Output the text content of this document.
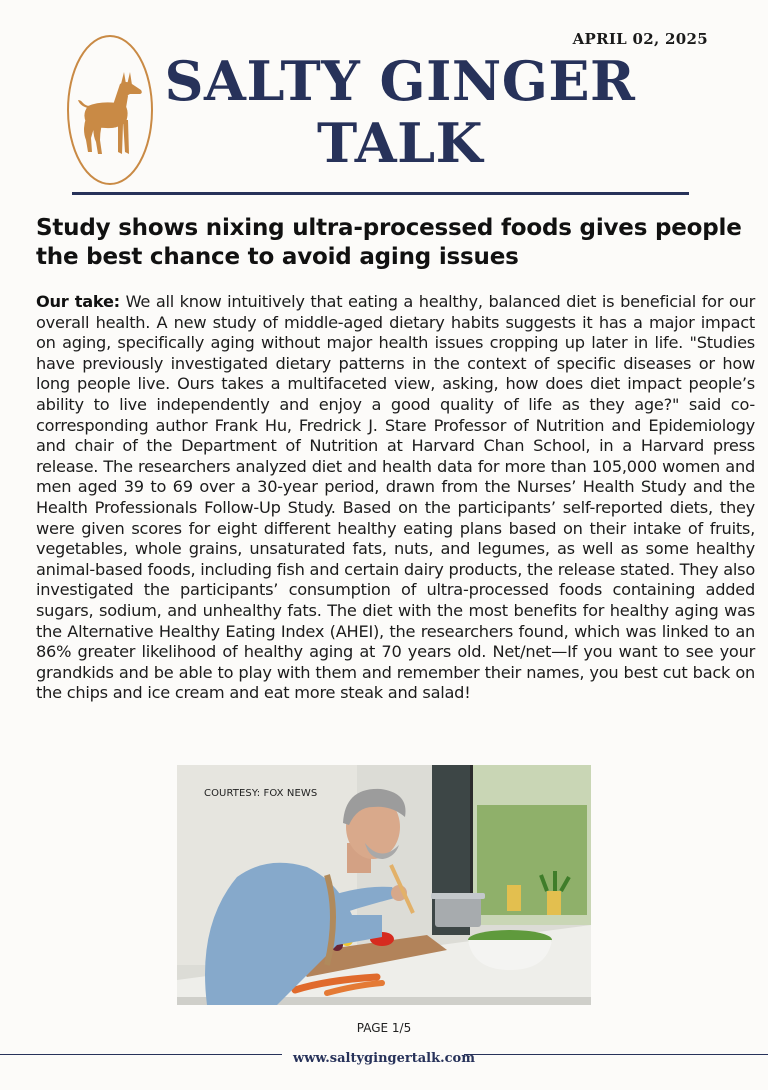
APRIL 02, 2025
SALTY GINGER
TALK
Study shows nixing ultra-processed foods gives people the best chance to avoid aging issues

Our take: We all know intuitively that eating a healthy, balanced diet is beneficial for our overall health. A new study of middle-aged dietary habits suggests it has a major impact on aging, specifically aging without major health issues cropping up later in life. "Studies have previously investigated dietary patterns in the context of specific diseases or how long people live. Ours takes a multifaceted view, asking, how does diet impact people’s ability to live independently and enjoy a good quality of life as they age?" said co-corresponding author Frank Hu, Fredrick J. Stare Professor of Nutrition and Epidemiology and chair of the Department of Nutrition at Harvard Chan School, in a Harvard press release. The researchers analyzed diet and health data for more than 105,000 women and men aged 39 to 69 over a 30-year period, drawn from the Nurses’ Health Study and the Health Professionals Follow-Up Study. Based on the participants’ self-reported diets, they were given scores for eight different healthy eating plans based on their intake of fruits, vegetables, whole grains, unsaturated fats, nuts, and legumes, as well as some healthy animal-based foods, including fish and certain dairy products, the release stated. They also investigated the participants’ consumption of ultra-processed foods containing added sugars, sodium, and unhealthy fats. The diet with the most benefits for healthy aging was the Alternative Healthy Eating Index (AHEI), the researchers found, which was linked to an 86% greater likelihood of healthy aging at 70 years old. Net/net—If you want to see your grandkids and be able to play with them and remember their names, you best cut back on the chips and ice cream and eat more steak and salad!

COURTESY: FOX NEWS
PAGE 1/5
www.saltygingertalk.com
